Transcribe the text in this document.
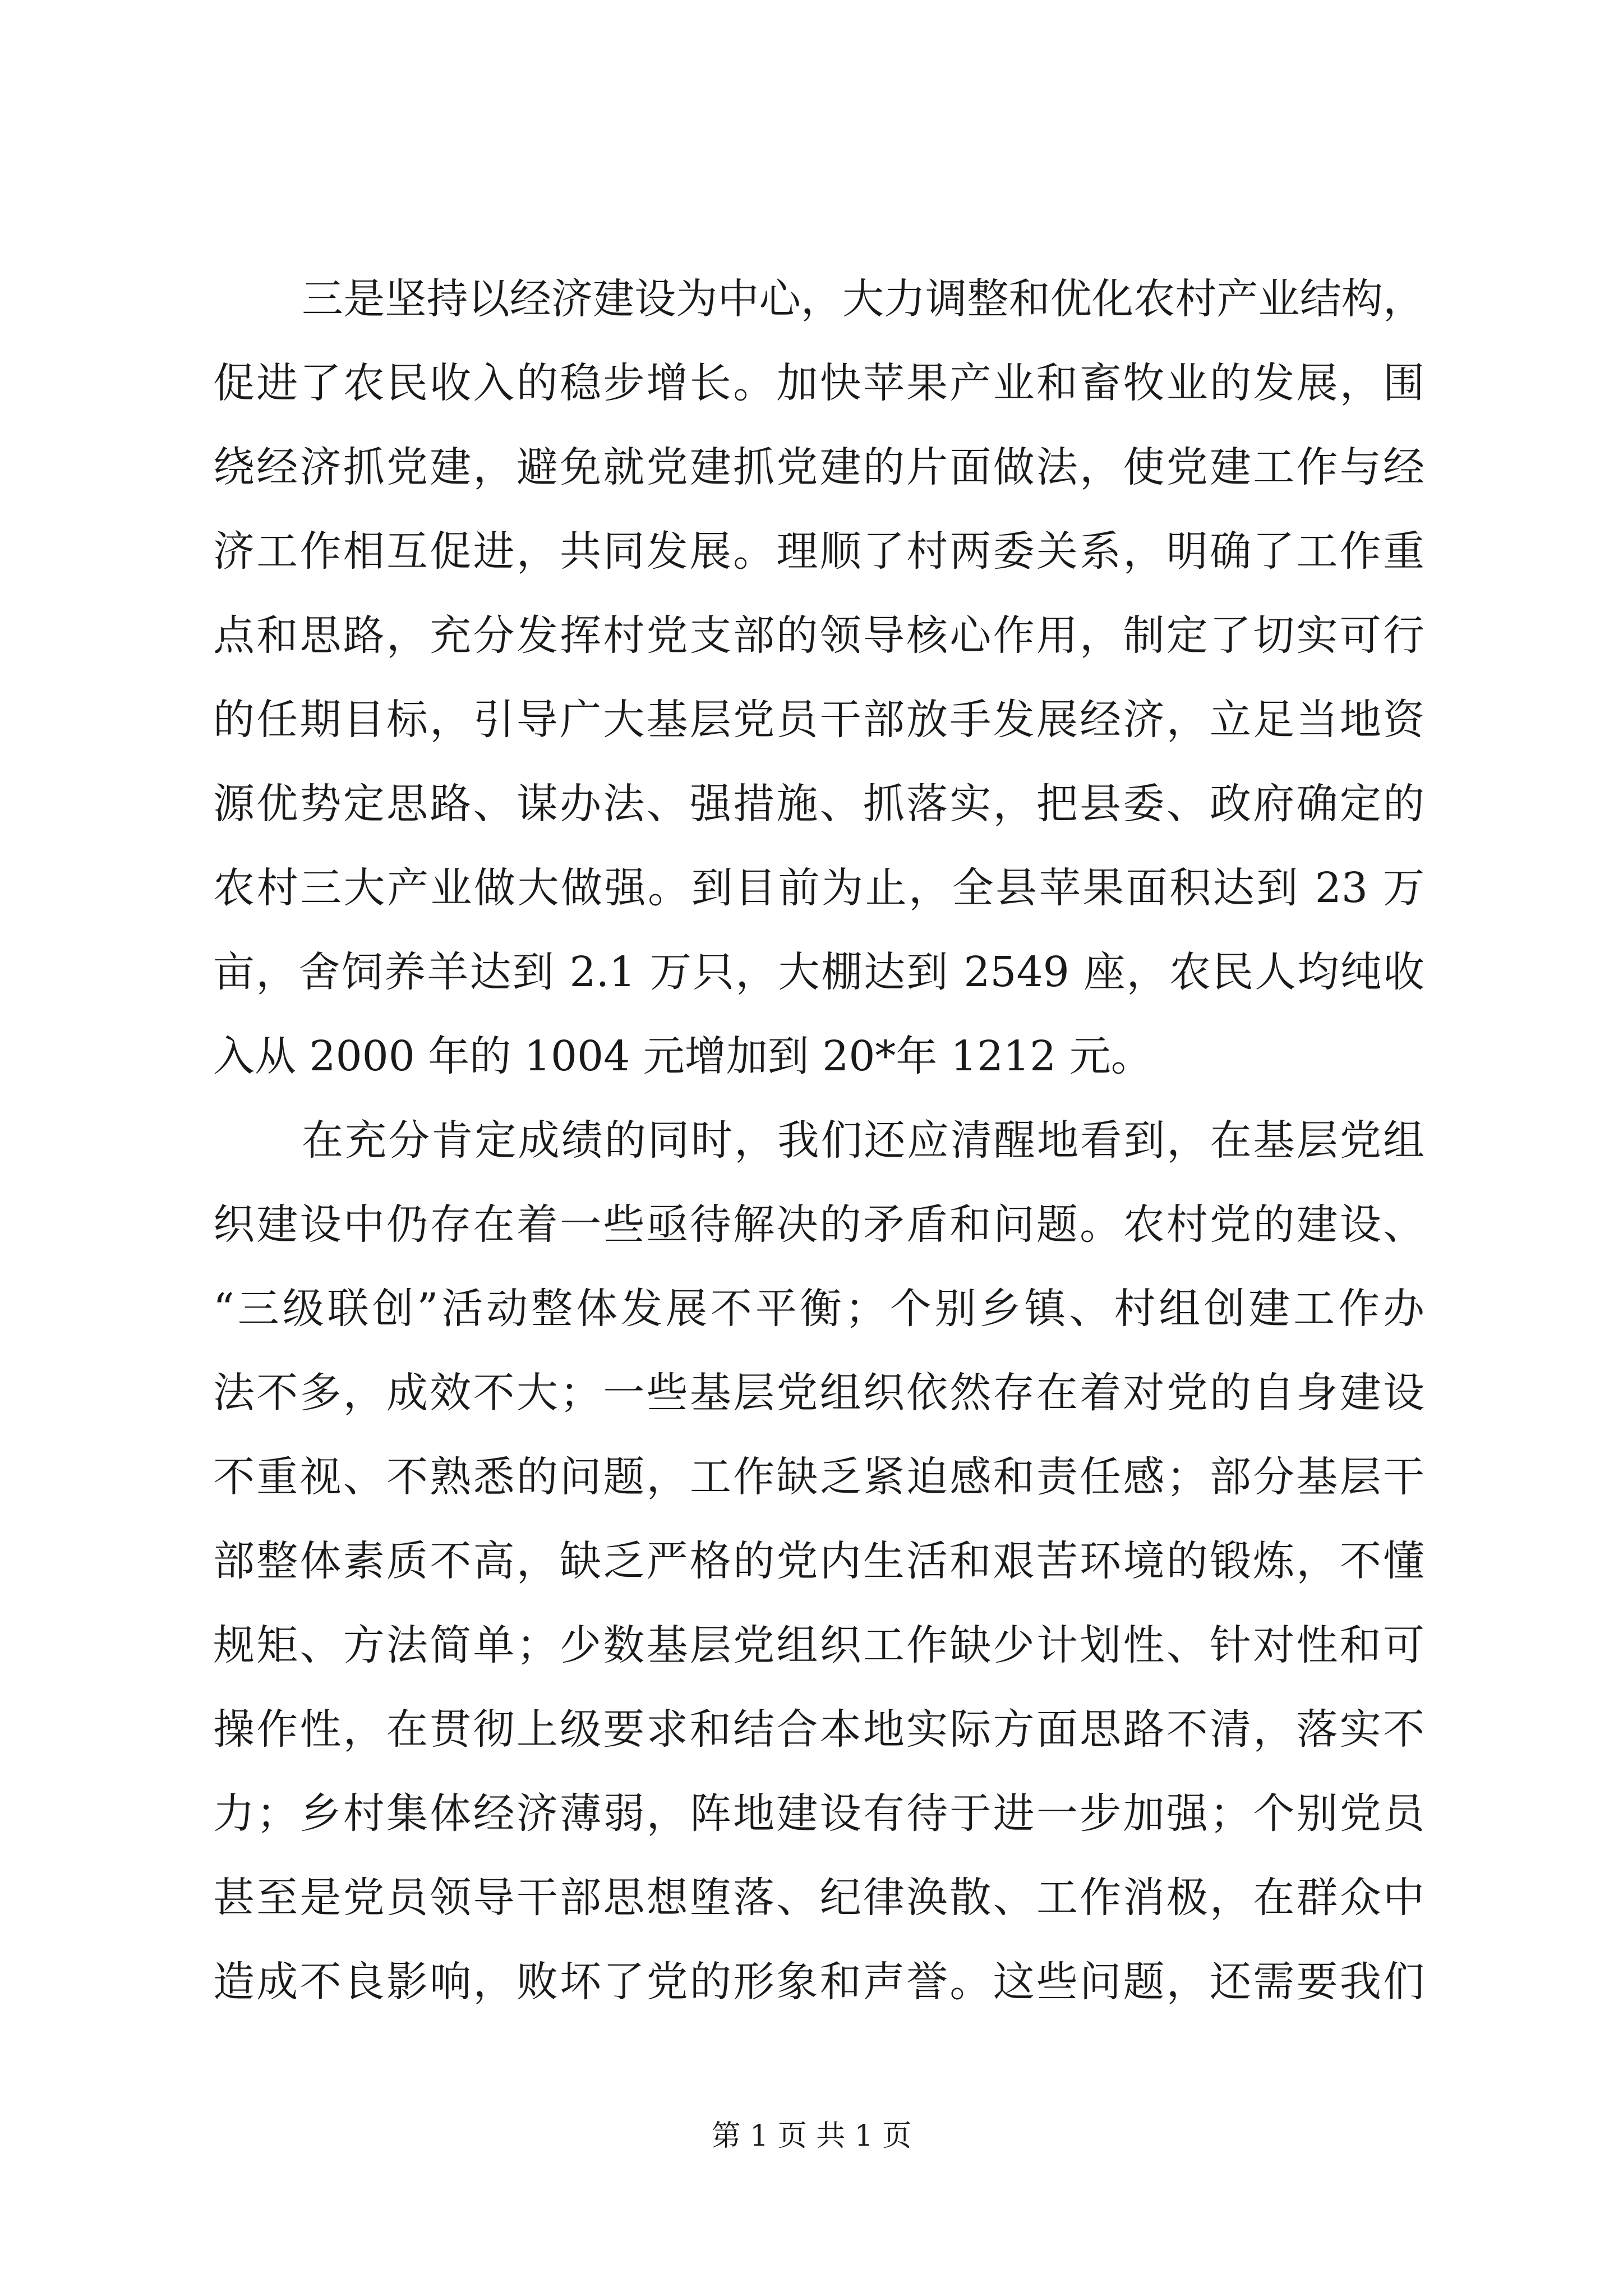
三是坚持以经济建设为中心，大力调整和优化农村产业结构，
促进了农民收入的稳步增长。加快苹果产业和畜牧业的发展，围
绕经济抓党建，避免就党建抓党建的片面做法，使党建工作与经
济工作相互促进，共同发展。理顺了村两委关系，明确了工作重
点和思路，充分发挥村党支部的领导核心作用，制定了切实可行
的任期目标，引导广大基层党员干部放手发展经济，立足当地资
源优势定思路、谋办法、强措施、抓落实，把县委、政府确定的
农村三大产业做大做强。到目前为止，全县苹果面积达到 23 万
亩，舍饲养羊达到 2.1 万只，大棚达到 2549 座，农民人均纯收
入从 2000 年的 1004 元增加到 20*年 1212 元。
在充分肯定成绩的同时，我们还应清醒地看到，在基层党组
织建设中仍存在着一些亟待解决的矛盾和问题。农村党的建设、
“三级联创”活动整体发展不平衡；个别乡镇、村组创建工作办
法不多，成效不大；一些基层党组织依然存在着对党的自身建设
不重视、不熟悉的问题，工作缺乏紧迫感和责任感；部分基层干
部整体素质不高，缺乏严格的党内生活和艰苦环境的锻炼，不懂
规矩、方法简单；少数基层党组织工作缺少计划性、针对性和可
操作性，在贯彻上级要求和结合本地实际方面思路不清，落实不
力；乡村集体经济薄弱，阵地建设有待于进一步加强；个别党员
甚至是党员领导干部思想堕落、纪律涣散、工作消极，在群众中
造成不良影响，败坏了党的形象和声誉。这些问题，还需要我们
第 1 页 共 1 页
